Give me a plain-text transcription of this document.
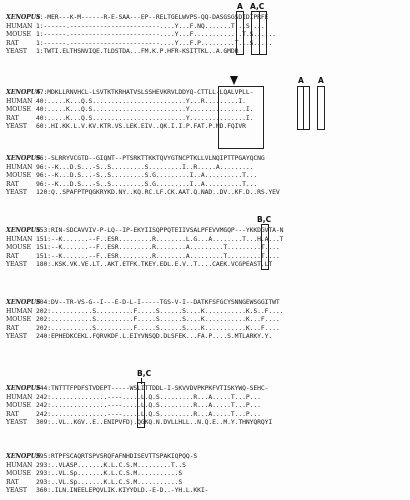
XENOPUS1:-MER---K-M------R-E-SAA---EP--RELTGELWVPS-QQ-DASGSGSDIDIPRFE
HUMAN 1:------.------------------------....Y...F.NQ.......T...S.....
MOUSE 1:------.------------------------....Y...F.............T.S......
RAT	1:------.------------------------....Y...F.P.........T...S.....
YEAST 1:TWTI.ELTHSNVIQE.TLDSTDA...FM.K.P.HFR-KSITTKL..A.GMDR
XENOPUS47:MDKLLRNVHCL-LSVTKTKRHATVSLSSHEVKRVLDDYQ-CTTLL-LQALVPLL-
HUMAN 40:.....K...Q.S.........................Y...R.........I.
MOUSE 40:.....K...Q.S.........................Y...............I.
RAT	40:.....K...Q.S.........................Y...............I.
YEAST 60:.HI.KK.L.V.KV.KTR.VS.LEK.EIV..QK.I.I.P.FAT.P.ND.FQIVR
XENOPUS96:-SLRRYVCGTD--GIQNT--PTSRKTTKKTQVYGTNCPTKLLVLNQIPTTPGAYQCNG
HUMAN 96:--K...D.S...-S..S.........S.........I..R.....A.........
MOUSE 96:--K...D.S...-S..S.........S.G.........I..A..........T...
RAT	96:--K...D.S...-S..S.........S.G.........I..A..........T...
YEAST 120:Q..SPAFPTPQGKRYKD.NY..KQ.RC.LF.CK.AAT.Q.NAD..DV..KF.D..RS.YEV
XENOPUS153:RIN-SDCAVVIV-P-LQ--IP-EKYIISQPPQTEIIVSALPFEVVMGQP---YKKDGVTA-N
HUMAN 151:--K.......--F..ESR.........R........L.G...A........T...H.A...T
MOUSE 151:--K.......--F..ESR.........R........A.........T.........T....
RAT	151:--K.......--F..ESR.........R........A.........T.........T....
YEAST 180:.KSK.VK.VE.LT..AKT.ETFK.TKEY.EDL.E.V..T....CAEK.VCGPEAST.LT
XENOPUS204:DV--TR-VS-G--I---E-D-L-I-----TGS-V-I--DATKFSFGCYSNNGEWSGGITWT
HUMAN 202:...........S..........F.....S......S....K...........K.S..F....
MOUSE 202:...........S..........F.....S......S....K...........K...F....
RAT	202:...........S..........F.....S......S....K...........K...F....
YEAST 240:EPHEDKCEKL.FQRVKDF.L.EIYVNSQD.DLSFEK...FA.P....S.MTLARKY.Y.
XENOPUS244:TNTTTFPDFSTVDEPT-----WSLITTDDL-I-SKVVDVPKPKFVTISKYWQ-SEHC-
HUMAN 242:...............----.....L.Q.S.........R...A.....T...P...
MOUSE 242:...............----.....L.Q.S.........R...A.....T...P...
RAT	242:...............----.....L.Q.S.........R...A.....T...P...
YEAST 309:..VL..KGV..E..ENIPVFD).QGKQ.N.DVLLHLL..N.Q.E..M.Y.THNYQRQYI
XENOPUS295:RTPFSCAQRTSPVSRQFAFNHDISEVTTSPAKIQPQQ-S
HUMAN 293:..VLASP.......K.L.C.S.M.........T..S
MOUSE 293:..VL.Sp.......K.L.C.S.M...........S
RAT	293:..VL.Sp.......K.L.C.S.M...........S
YEAST 360:.ILN.INEELEPQVLIK.KIYYDLD.-E-D..-YH.L.KKI-
A A,C
A A
B,C
B,C
